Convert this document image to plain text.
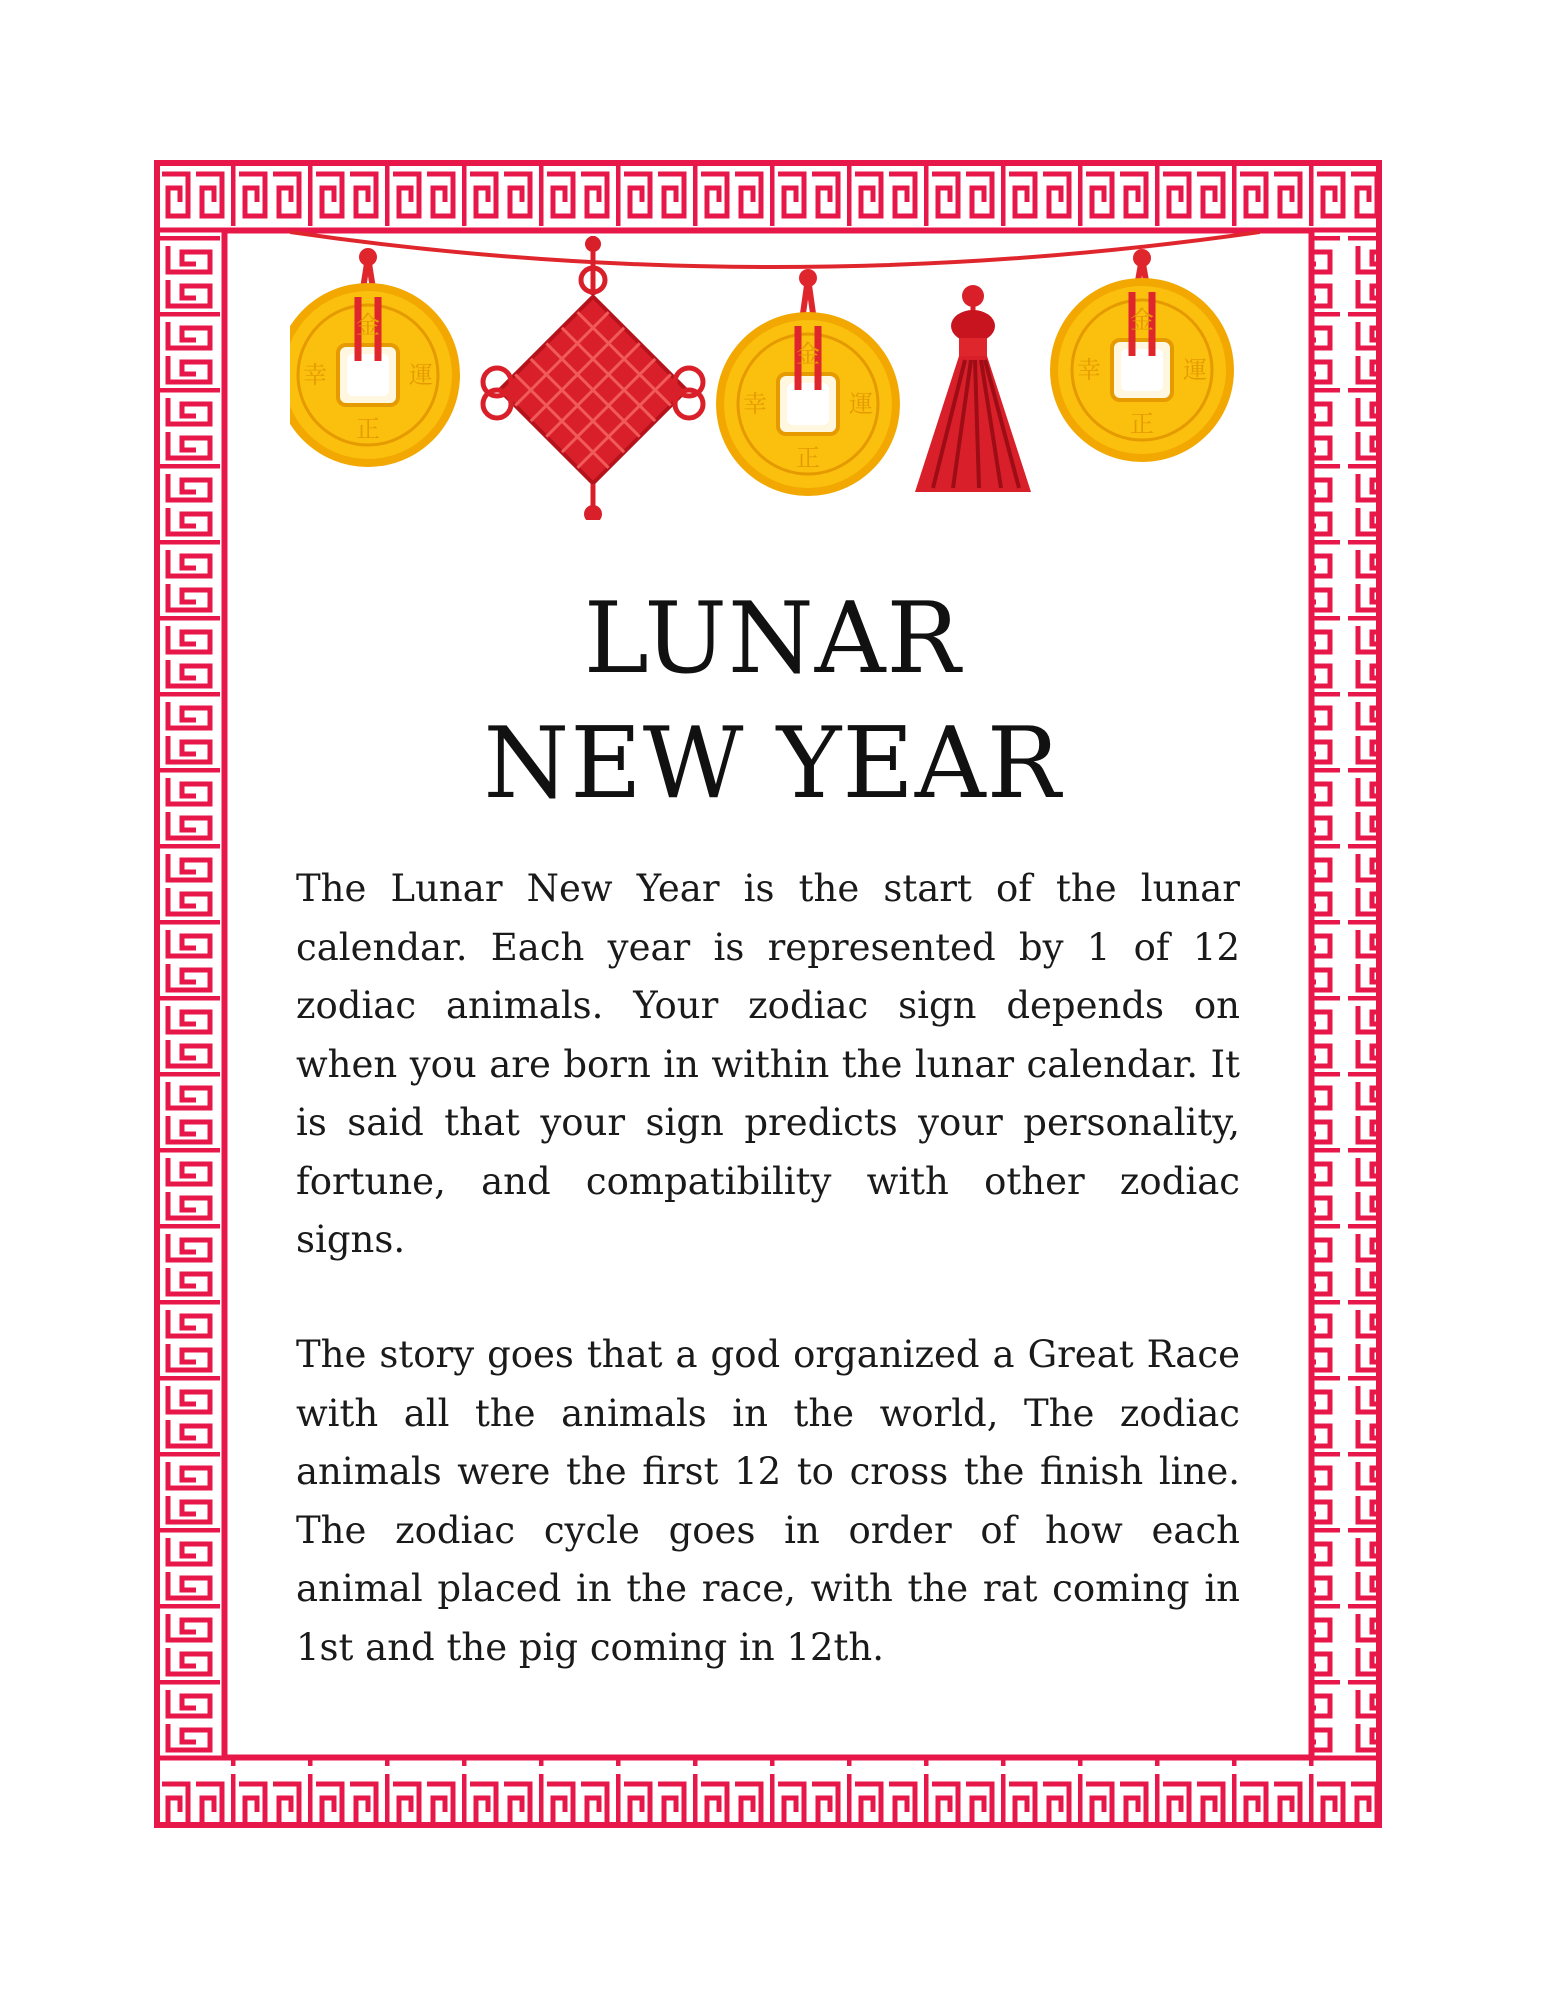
金
幸	運
正
金
幸	運
正
金
幸	運
正
LUNAR
NEW YEAR

The Lunar New Year is the start of the lunar calendar. Each year is represented by 1 of 12 zodiac animals. Your zodiac sign depends on when you are born in within the lunar calendar. It is said that your sign predicts your personality, fortune, and compatibility with other zodiac signs.

The story goes that a god organized a Great Race with all the animals in the world, The zodiac animals were the first 12 to cross the finish line. The zodiac cycle goes in order of how each animal placed in the race, with the rat coming in 1st and the pig coming in 12th.
